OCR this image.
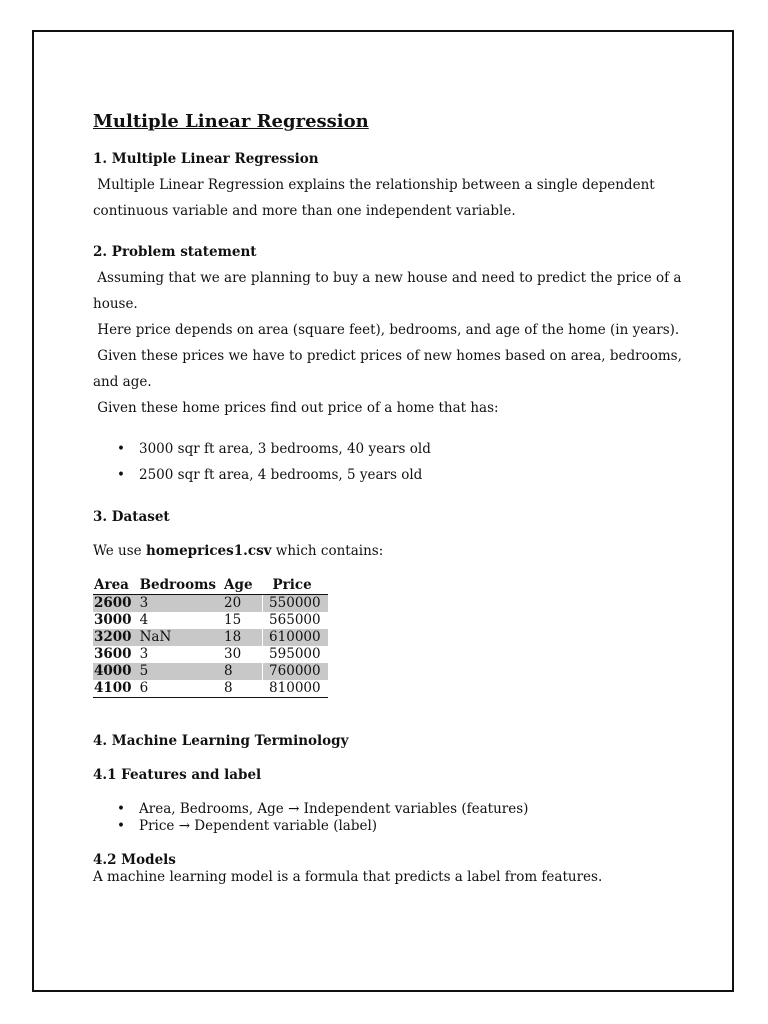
Multiple Linear Regression

1. Multiple Linear Regression

Multiple Linear Regression explains the relationship between a single dependent

continuous variable and more than one independent variable.

2. Problem statement

Assuming that we are planning to buy a new house and need to predict the price of a

house.

Here price depends on area (square feet), bedrooms, and age of the home (in years).

Given these prices we have to predict prices of new homes based on area, bedrooms,

and age.

Given these home prices find out price of a home that has:

• 3000 sqr ft area, 3 bedrooms, 40 years old
• 2500 sqr ft area, 4 bedrooms, 5 years old

3. Dataset

We use homeprices1.csv which contains:

Area	Bedrooms	Age	Price
2600	3	20	550000
3000	4	15	565000
3200	NaN	18	610000
3600	3	30	595000
4000	5	8	760000
4100	6	8	810000

4. Machine Learning Terminology

4.1 Features and label

• Area, Bedrooms, Age → Independent variables (features)
• Price → Dependent variable (label)

4.2 Models

A machine learning model is a formula that predicts a label from features.
